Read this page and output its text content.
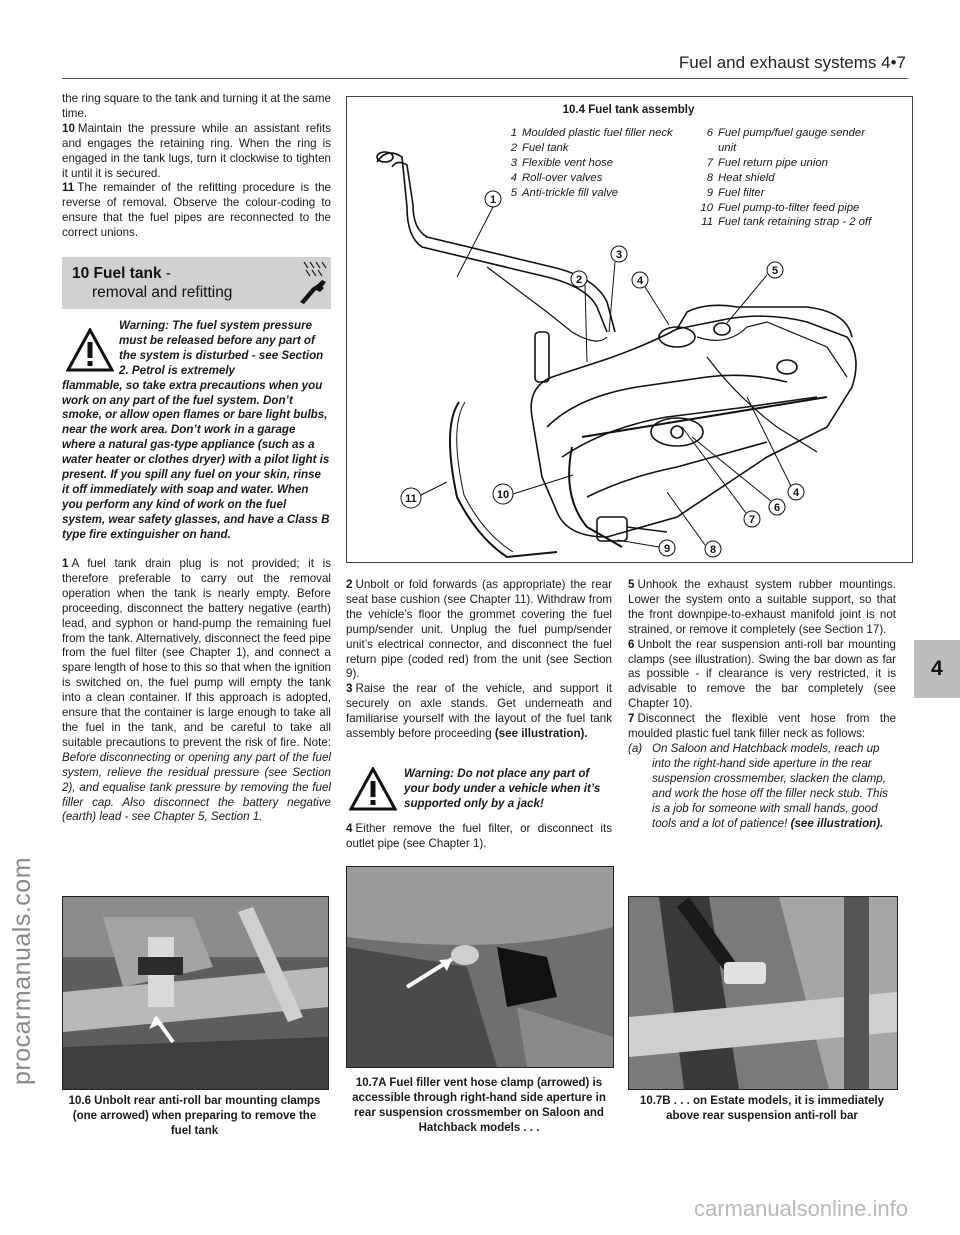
Fuel and exhaust systems 4•7
procarmanuals.com
4

the ring square to the tank and turning it at the same time.

10 Maintain the pressure while an assistant refits and engages the retaining ring. When the ring is engaged in the tank lugs, turn it clockwise to tighten it until it is secured.

11 The remainder of the refitting procedure is the reverse of removal. Observe the colour-coding to ensure that the fuel pipes are reconnected to the correct unions.

10 Fuel tank -
removal and refitting
Warning: The fuel system pressure must be released before any part of the system is disturbed - see Section 2. Petrol is extremely
flammable, so take extra precautions when you work on any part of the fuel system. Don’t smoke, or allow open flames or bare light bulbs, near the work area. Don’t work in a garage where a natural gas-type appliance (such as a water heater or clothes dryer) with a pilot light is present. If you spill any fuel on your skin, rinse it off immediately with soap and water. When you perform any kind of work on the fuel system, wear safety glasses, and have a Class B type fire extinguisher on hand.

1 A fuel tank drain plug is not provided; it is therefore preferable to carry out the removal operation when the tank is nearly empty. Before proceeding, disconnect the battery negative (earth) lead, and syphon or hand-pump the remaining fuel from the tank. Alternatively, disconnect the feed pipe from the fuel filter (see Chapter 1), and connect a spare length of hose to this so that when the ignition is switched on, the fuel pump will empty the tank into a clean container. If this approach is adopted, ensure that the container is large enough to take all the fuel in the tank, and be careful to take all suitable precautions to prevent the risk of fire. Note: Before disconnecting or opening any part of the fuel system, relieve the residual pressure (see Section 2), and equalise tank pressure by removing the fuel filler cap. Also disconnect the battery negative (earth) lead - see Chapter 5, Section 1.

1
2
3
4
5
4
6
7
8
9
10
11
10.4 Fuel tank assembly
1 Moulded plastic fuel filler neck
2 Fuel tank
3 Flexible vent hose
4 Roll-over valves
5 Anti-trickle fill valve
6 Fuel pump/fuel gauge sender unit
7 Fuel return pipe union
8 Heat shield
9 Fuel filter
10 Fuel pump-to-filter feed pipe
11 Fuel tank retaining strap - 2 off

2 Unbolt or fold forwards (as appropriate) the rear seat base cushion (see Chapter 11). Withdraw from the vehicle’s floor the grommet covering the fuel pump/sender unit. Unplug the fuel pump/sender unit’s electrical connector, and disconnect the fuel return pipe (coded red) from the unit (see Section 9).

3 Raise the rear of the vehicle, and support it securely on axle stands. Get underneath and familiarise yourself with the layout of the fuel tank assembly before proceeding (see illustration).

Warning: Do not place any part of your body under a vehicle when it’s supported only by a jack!

4 Either remove the fuel filter, or disconnect its outlet pipe (see Chapter 1).

5 Unhook the exhaust system rubber mountings. Lower the system onto a suitable support, so that the front downpipe-to-exhaust manifold joint is not strained, or remove it completely (see Section 17).

6 Unbolt the rear suspension anti-roll bar mounting clamps (see illustration). Swing the bar down as far as possible - if clearance is very restricted, it is advisable to remove the bar completely (see Chapter 10).

7 Disconnect the flexible vent hose from the moulded plastic fuel tank filler neck as follows:

(a) On Saloon and Hatchback models, reach up into the right-hand side aperture in the rear suspension crossmember, slacken the clamp, and work the hose off the filler neck stub. This is a job for someone with small hands, good tools and a lot of patience! (see illustration).

10.6 Unbolt rear anti-roll bar mounting clamps (one arrowed) when preparing to remove the fuel tank
10.7A Fuel filler vent hose clamp (arrowed) is accessible through right-hand side aperture in rear suspension crossmember on Saloon and Hatchback models . . .
10.7B . . . on Estate models, it is immediately above rear suspension anti-roll bar
carmanualsonline.info
